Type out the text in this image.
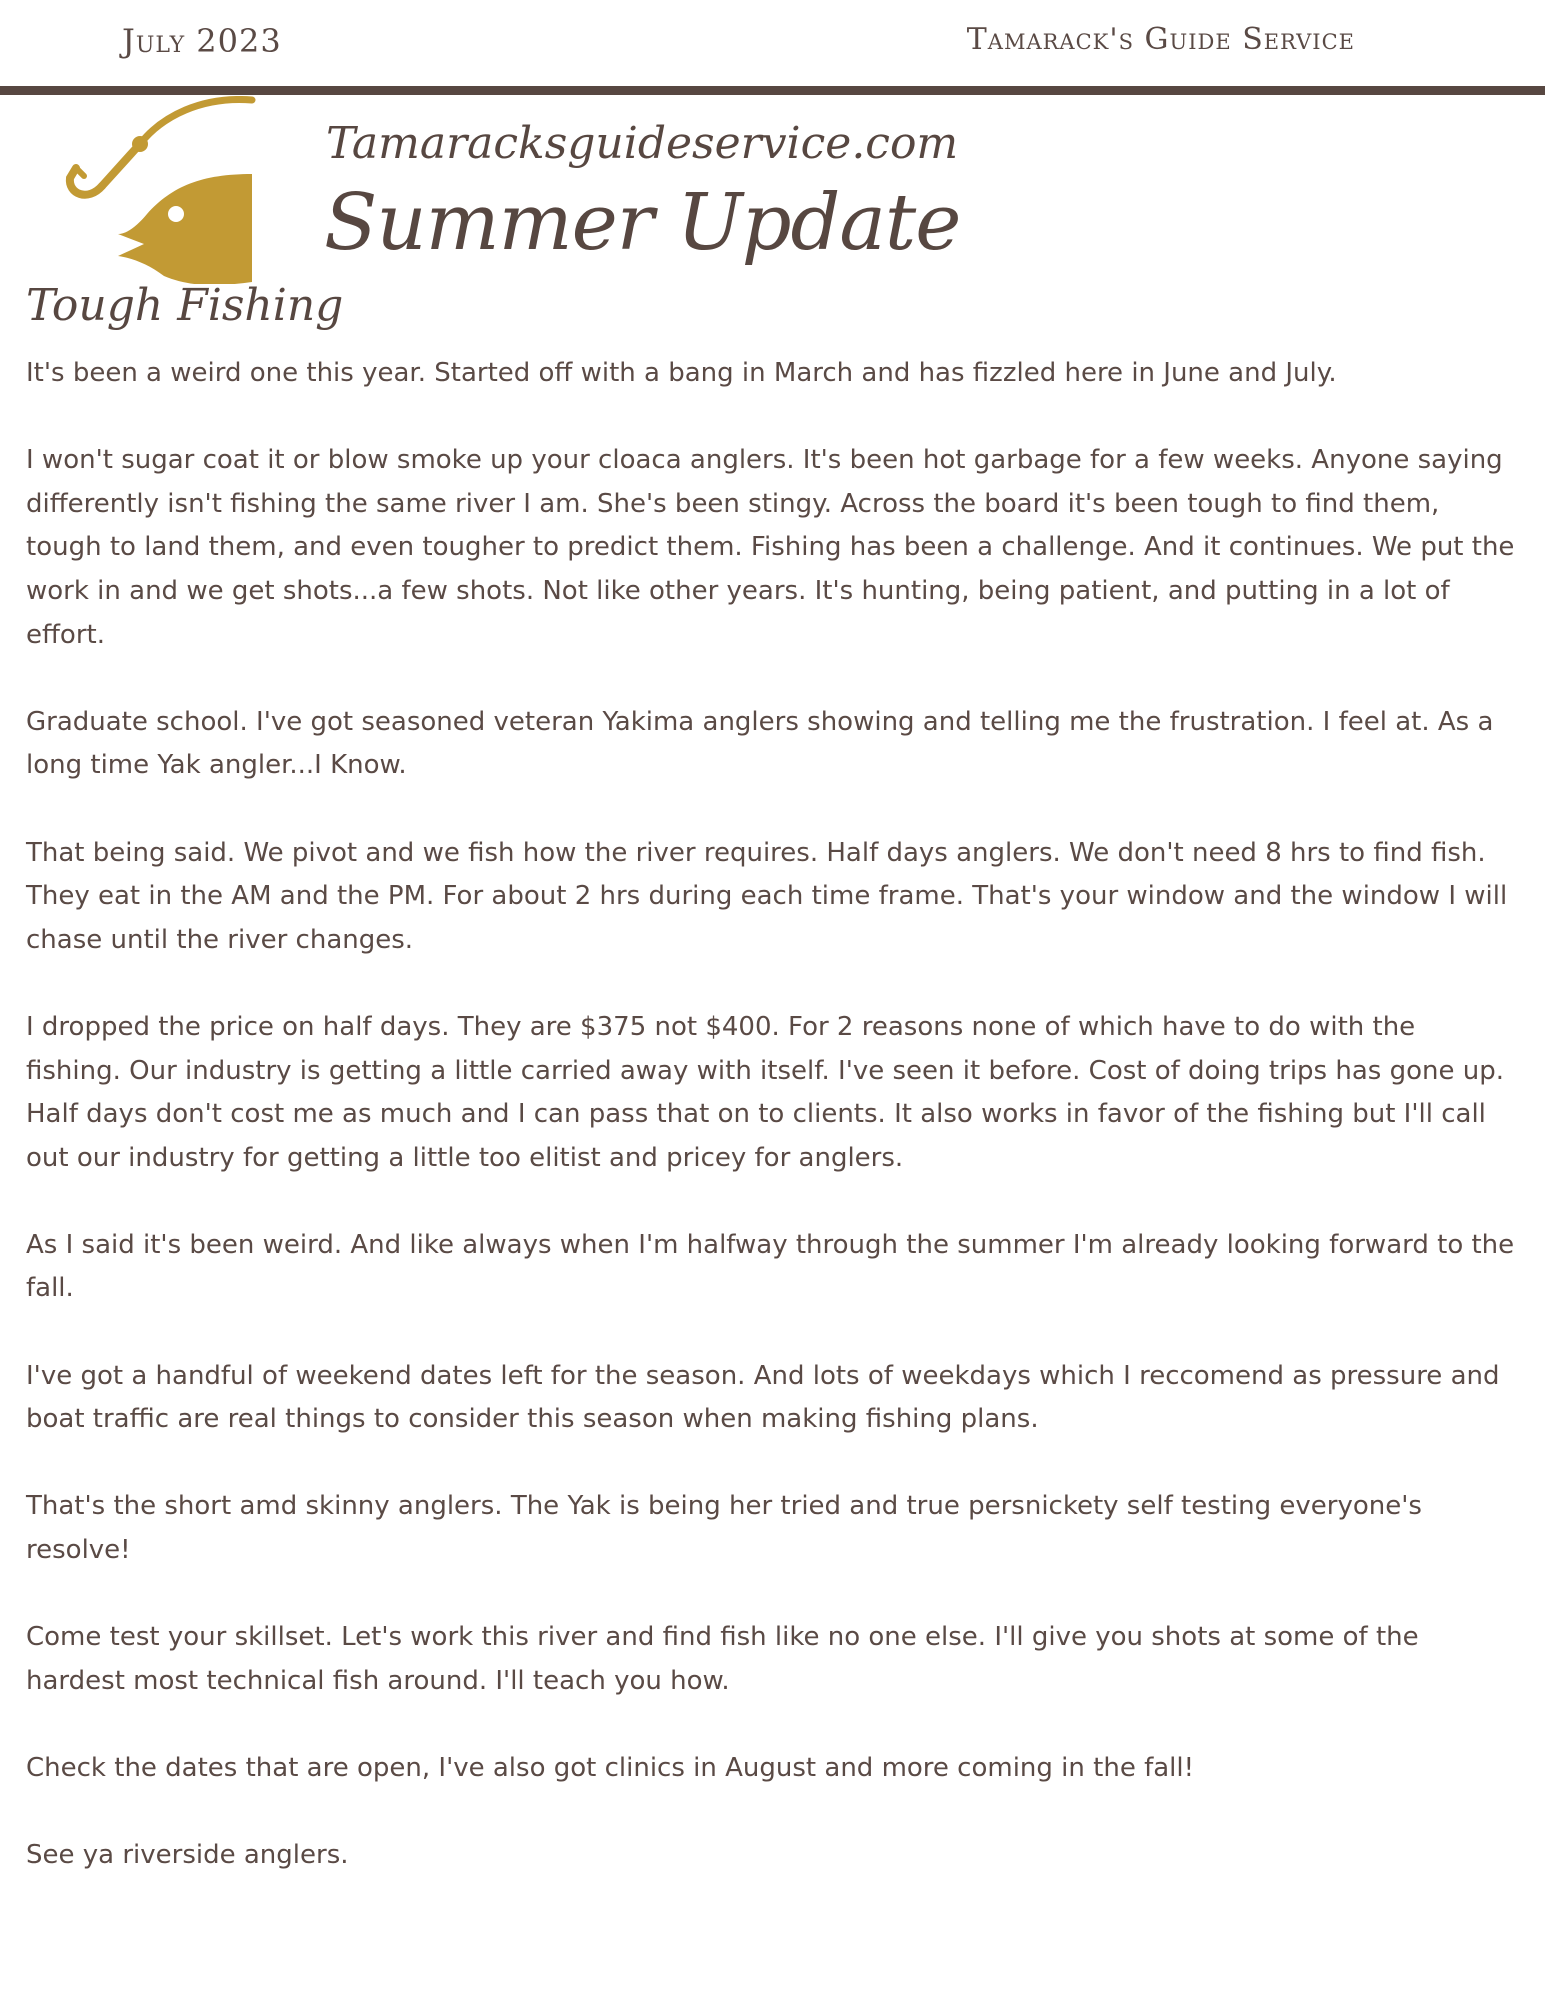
July 2023	Tamarack's Guide Service
Tamaracksguideservice.com
Summer Update
Tough Fishing

It's been a weird one this year. Started off with a bang in March and has fizzled here in June and July.

I won't sugar coat it or blow smoke up your cloaca anglers. It's been hot garbage for a few weeks. Anyone saying differently isn't fishing the same river I am. She's been stingy. Across the board it's been tough to find them, tough to land them, and even tougher to predict them. Fishing has been a challenge. And it continues. We put the work in and we get shots...a few shots. Not like other years. It's hunting, being patient, and putting in a lot of effort.

Graduate school. I've got seasoned veteran Yakima anglers showing and telling me the frustration. I feel at. As a long time Yak angler...I Know.

That being said. We pivot and we fish how the river requires. Half days anglers. We don't need 8 hrs to find fish. They eat in the AM and the PM. For about 2 hrs during each time frame. That's your window and the window I will chase until the river changes.

I dropped the price on half days. They are $375 not $400. For 2 reasons none of which have to do with the fishing. Our industry is getting a little carried away with itself. I've seen it before. Cost of doing trips has gone up. Half days don't cost me as much and I can pass that on to clients. It also works in favor of the fishing but I'll call out our industry for getting a little too elitist and pricey for anglers.

As I said it's been weird. And like always when I'm halfway through the summer I'm already looking forward to the fall.

I've got a handful of weekend dates left for the season. And lots of weekdays which I reccomend as pressure and boat traffic are real things to consider this season when making fishing plans.

That's the short amd skinny anglers. The Yak is being her tried and true persnickety self testing everyone's resolve!

Come test your skillset. Let's work this river and find fish like no one else. I'll give you shots at some of the hardest most technical fish around. I'll teach you how.

Check the dates that are open, I've also got clinics in August and more coming in the fall!

See ya riverside anglers.
